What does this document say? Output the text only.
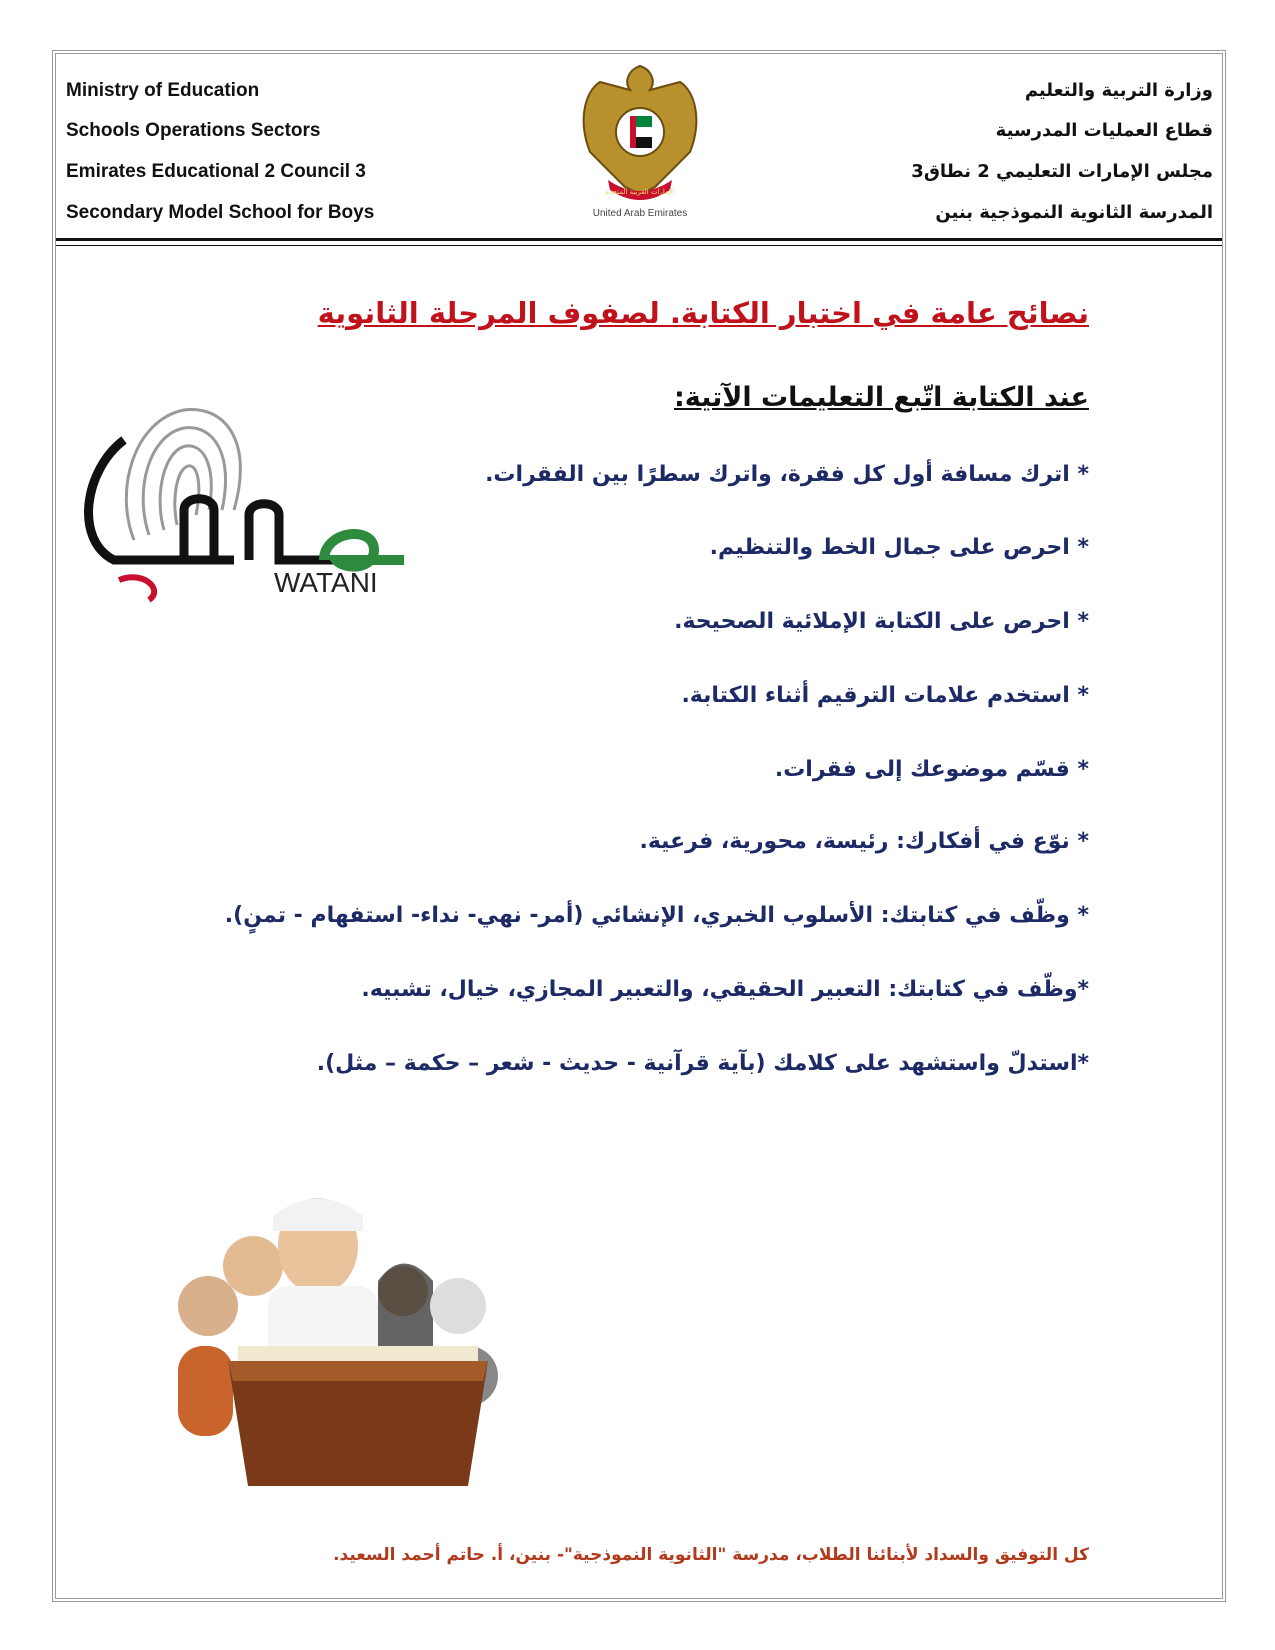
Ministry of Education
Schools Operations Sectors
Emirates Educational 2 Council 3
Secondary Model School for Boys
وزارة التربية والتعليم
قطاع العمليات المدرسية
مجلس الإمارات التعليمي 2 نطاق3
المدرسة الثانوية النموذجية بنين
الإمارات العربية المتحدة
United Arab Emirates
نصائح عامة في اختبار الكتابة. لصفوف المرحلة الثانوية
عند الكتابة اتّبع التعليمات الآتية:
* اترك مسافة أول كل فقرة، واترك سطرًا بين الفقرات.
* احرص على جمال الخط والتنظيم.
* احرص على الكتابة الإملائية الصحيحة.
* استخدم علامات الترقيم أثناء الكتابة.
* قسّم موضوعك إلى فقرات.
* نوّع في أفكارك: رئيسة، محورية، فرعية.
* وظّف في كتابتك: الأسلوب الخبري، الإنشائي (أمر- نهي- نداء- استفهام - تمنٍ).
*وظّف في كتابتك: التعبير الحقيقي، والتعبير المجازي، خيال، تشبيه.
*استدلّ واستشهد على كلامك (بآية قرآنية - حديث - شعر – حكمة – مثل).
WATANI
كل التوفيق والسداد لأبنائنا الطلاب، مدرسة "الثانوية النموذجية"- بنين، أ. حاتم أحمد السعيد.
